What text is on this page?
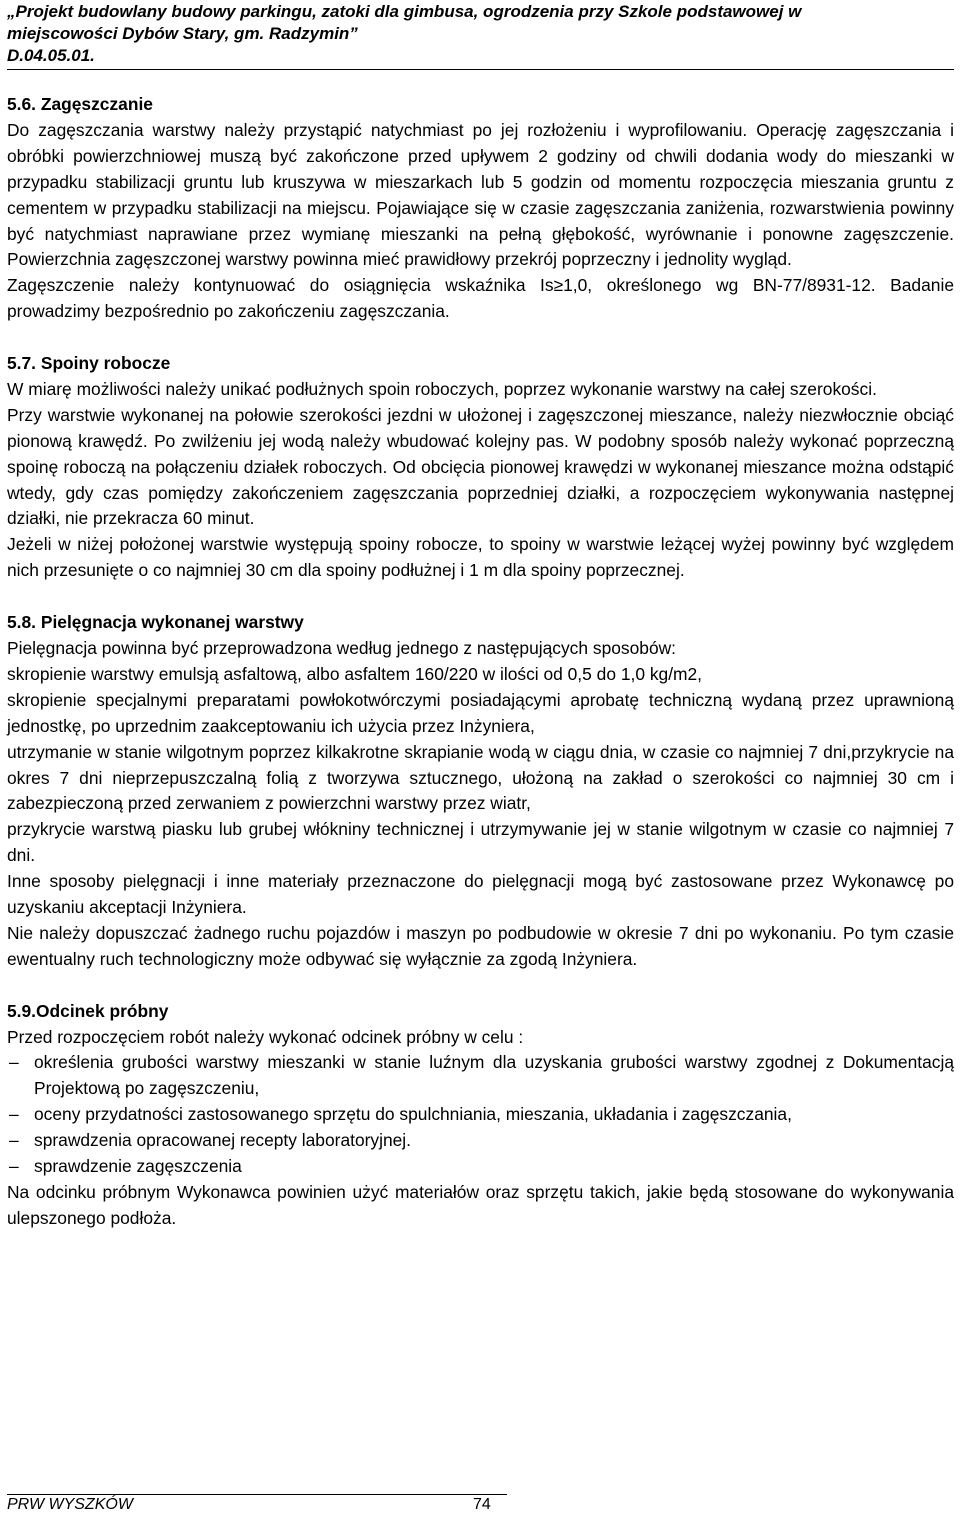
„Projekt budowlany budowy parkingu, zatoki dla gimbusa, ogrodzenia przy Szkole podstawowej w
miejscowości Dybów Stary, gm. Radzymin”
D.04.05.01.
5.6. Zagęszczanie

Do zagęszczania warstwy należy przystąpić natychmiast po jej rozłożeniu i wyprofilowaniu. Operację zagęszczania i obróbki powierzchniowej muszą być zakończone przed upływem 2 godziny od chwili dodania wody do mieszanki w przypadku stabilizacji gruntu lub kruszywa w mieszarkach lub 5 godzin od momentu rozpoczęcia mieszania gruntu z cementem w przypadku stabilizacji na miejscu. Pojawiające się w czasie zagęszczania zaniżenia, rozwarstwienia powinny być natychmiast naprawiane przez wymianę mieszanki na pełną głębokość, wyrównanie i ponowne zagęszczenie. Powierzchnia zagęszczonej warstwy powinna mieć prawidłowy przekrój poprzeczny i jednolity wygląd.

Zagęszczenie należy kontynuować do osiągnięcia wskaźnika Is≥1,0, określonego wg BN-77/8931-12. Badanie prowadzimy bezpośrednio po zakończeniu zagęszczania.

5.7. Spoiny robocze

W miarę możliwości należy unikać podłużnych spoin roboczych, poprzez wykonanie warstwy na całej szerokości.

Przy warstwie wykonanej na połowie szerokości jezdni w ułożonej i zagęszczonej mieszance, należy niezwłocznie obciąć pionową krawędź. Po zwilżeniu jej wodą należy wbudować kolejny pas. W podobny sposób należy wykonać poprzeczną spoinę roboczą na połączeniu działek roboczych. Od obcięcia pionowej krawędzi w wykonanej mieszance można odstąpić wtedy, gdy czas pomiędzy zakończeniem zagęszczania poprzedniej działki, a rozpoczęciem wykonywania następnej działki, nie przekracza 60 minut.

Jeżeli w niżej położonej warstwie występują spoiny robocze, to spoiny w warstwie leżącej wyżej powinny być względem nich przesunięte o co najmniej 30 cm dla spoiny podłużnej i 1 m dla spoiny poprzecznej.

5.8. Pielęgnacja wykonanej warstwy

Pielęgnacja powinna być przeprowadzona według jednego z następujących sposobów:

skropienie warstwy emulsją asfaltową, albo asfaltem 160/220 w ilości od 0,5 do 1,0 kg/m2,

skropienie specjalnymi preparatami powłokotwórczymi posiadającymi aprobatę techniczną wydaną przez uprawnioną jednostkę, po uprzednim zaakceptowaniu ich użycia przez Inżyniera,

utrzymanie w stanie wilgotnym poprzez kilkakrotne skrapianie wodą w ciągu dnia, w czasie co najmniej 7 dni,przykrycie na okres 7 dni nieprzepuszczalną folią z tworzywa sztucznego, ułożoną na zakład o szerokości co najmniej 30 cm i zabezpieczoną przed zerwaniem z powierzchni warstwy przez wiatr,

przykrycie warstwą piasku lub grubej włókniny technicznej i utrzymywanie jej w stanie wilgotnym w czasie co najmniej 7 dni.

Inne sposoby pielęgnacji i inne materiały przeznaczone do pielęgnacji mogą być zastosowane przez Wykonawcę po uzyskaniu akceptacji Inżyniera.

Nie należy dopuszczać żadnego ruchu pojazdów i maszyn po podbudowie w okresie 7 dni po wykonaniu. Po tym czasie ewentualny ruch technologiczny może odbywać się wyłącznie za zgodą Inżyniera.

5.9.Odcinek próbny

Przed rozpoczęciem robót należy wykonać odcinek próbny w celu :

– określenia grubości warstwy mieszanki w stanie luźnym dla uzyskania grubości warstwy zgodnej z Dokumentacją Projektową po zagęszczeniu,
– oceny przydatności zastosowanego sprzętu do spulchniania, mieszania, układania i zagęszczania,
– sprawdzenia opracowanej recepty laboratoryjnej.
– sprawdzenie zagęszczenia

Na odcinku próbnym Wykonawca powinien użyć materiałów oraz sprzętu takich, jakie będą stosowane do wykonywania ulepszonego podłoża.

PRW WYSZKÓW	74
